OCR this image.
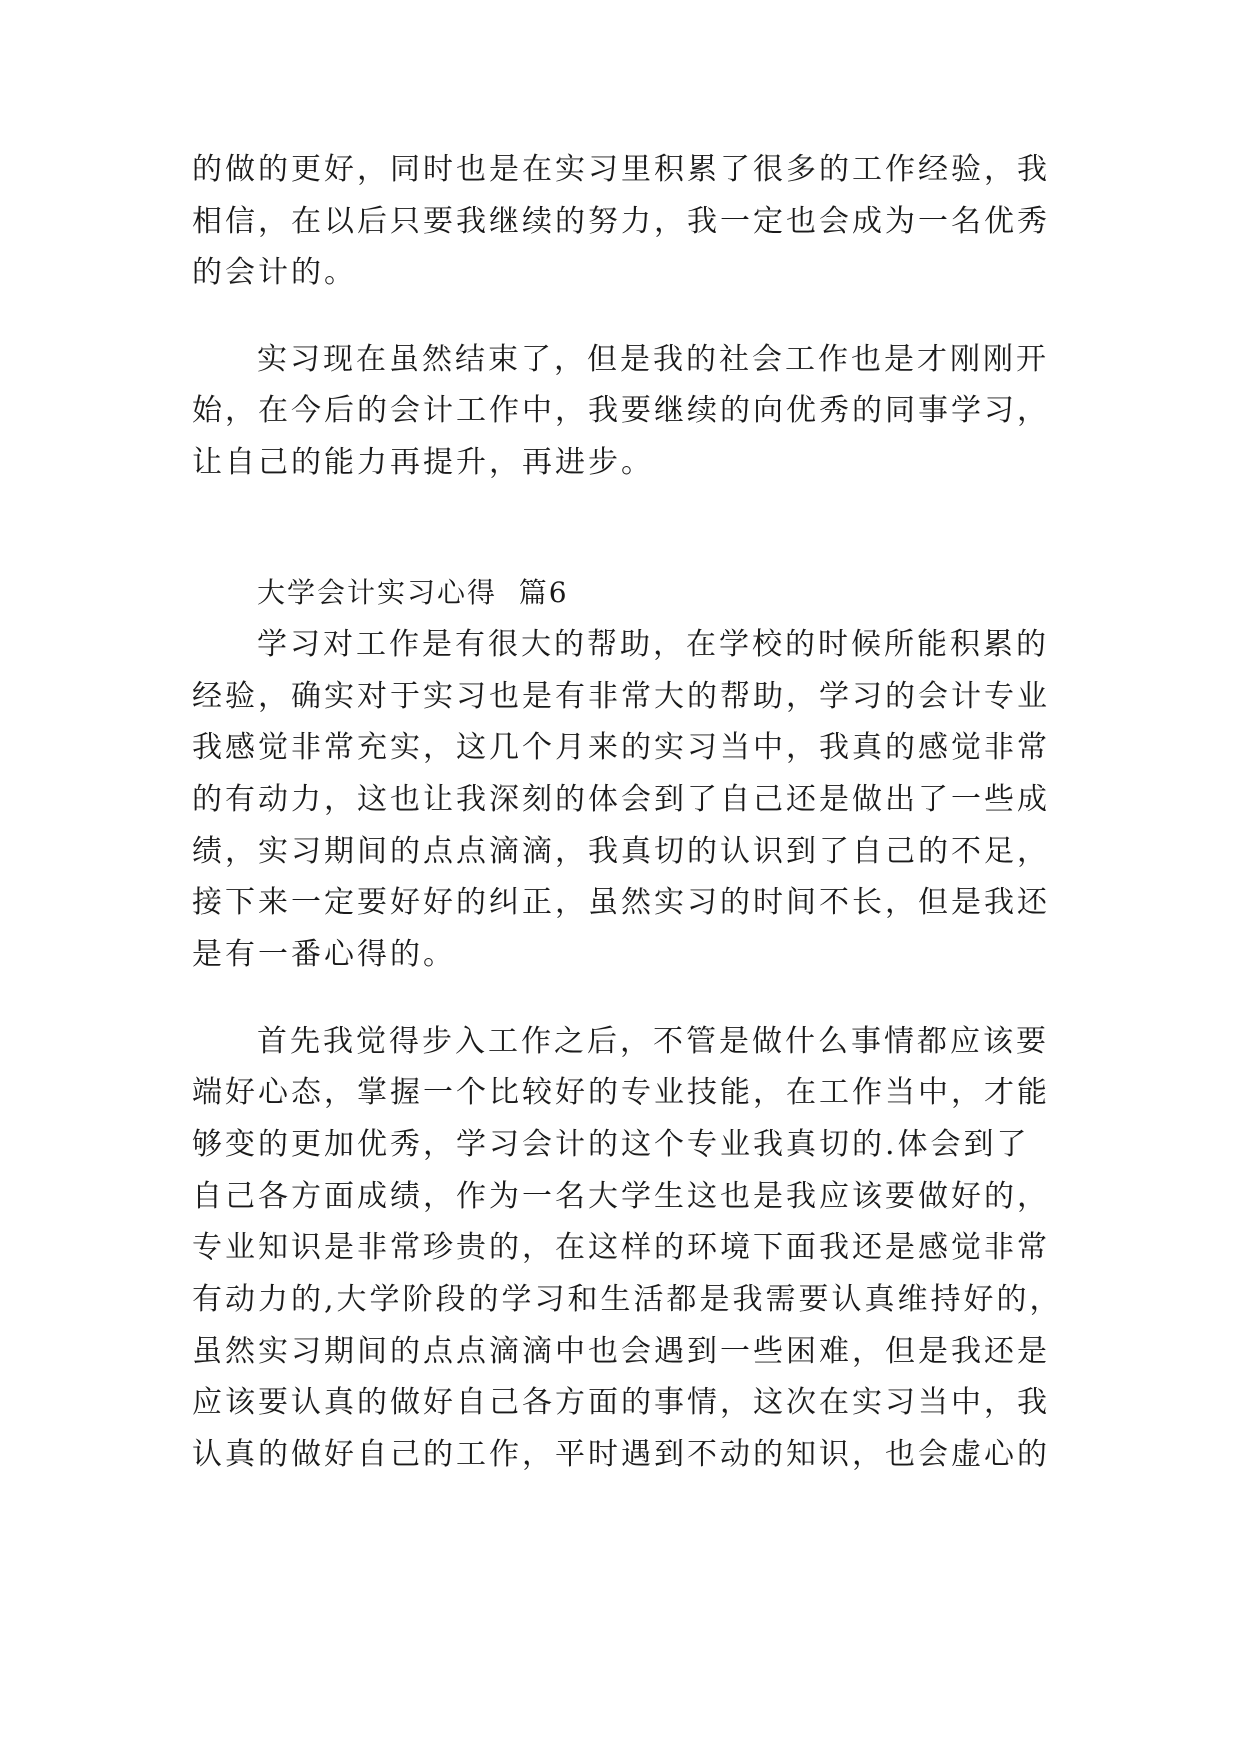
的做的更好，同时也是在实习里积累了很多的工作经验，我
相信，在以后只要我继续的努力，我一定也会成为一名优秀
的会计的。
实习现在虽然结束了，但是我的社会工作也是才刚刚开
始，在今后的会计工作中，我要继续的向优秀的同事学习，
让自己的能力再提升，再进步。
大学会计实习心得  篇6
学习对工作是有很大的帮助，在学校的时候所能积累的
经验，确实对于实习也是有非常大的帮助，学习的会计专业
我感觉非常充实，这几个月来的实习当中，我真的感觉非常
的有动力，这也让我深刻的体会到了自己还是做出了一些成
绩，实习期间的点点滴滴，我真切的认识到了自己的不足，
接下来一定要好好的纠正，虽然实习的时间不长，但是我还
是有一番心得的。
首先我觉得步入工作之后，不管是做什么事情都应该要
端好心态，掌握一个比较好的专业技能，在工作当中，才能
够变的更加优秀，学习会计的这个专业我真切的.体会到了
自己各方面成绩，作为一名大学生这也是我应该要做好的，
专业知识是非常珍贵的，在这样的环境下面我还是感觉非常
有动力的,大学阶段的学习和生活都是我需要认真维持好的，
虽然实习期间的点点滴滴中也会遇到一些困难，但是我还是
应该要认真的做好自己各方面的事情，这次在实习当中，我
认真的做好自己的工作，平时遇到不动的知识，也会虚心的
